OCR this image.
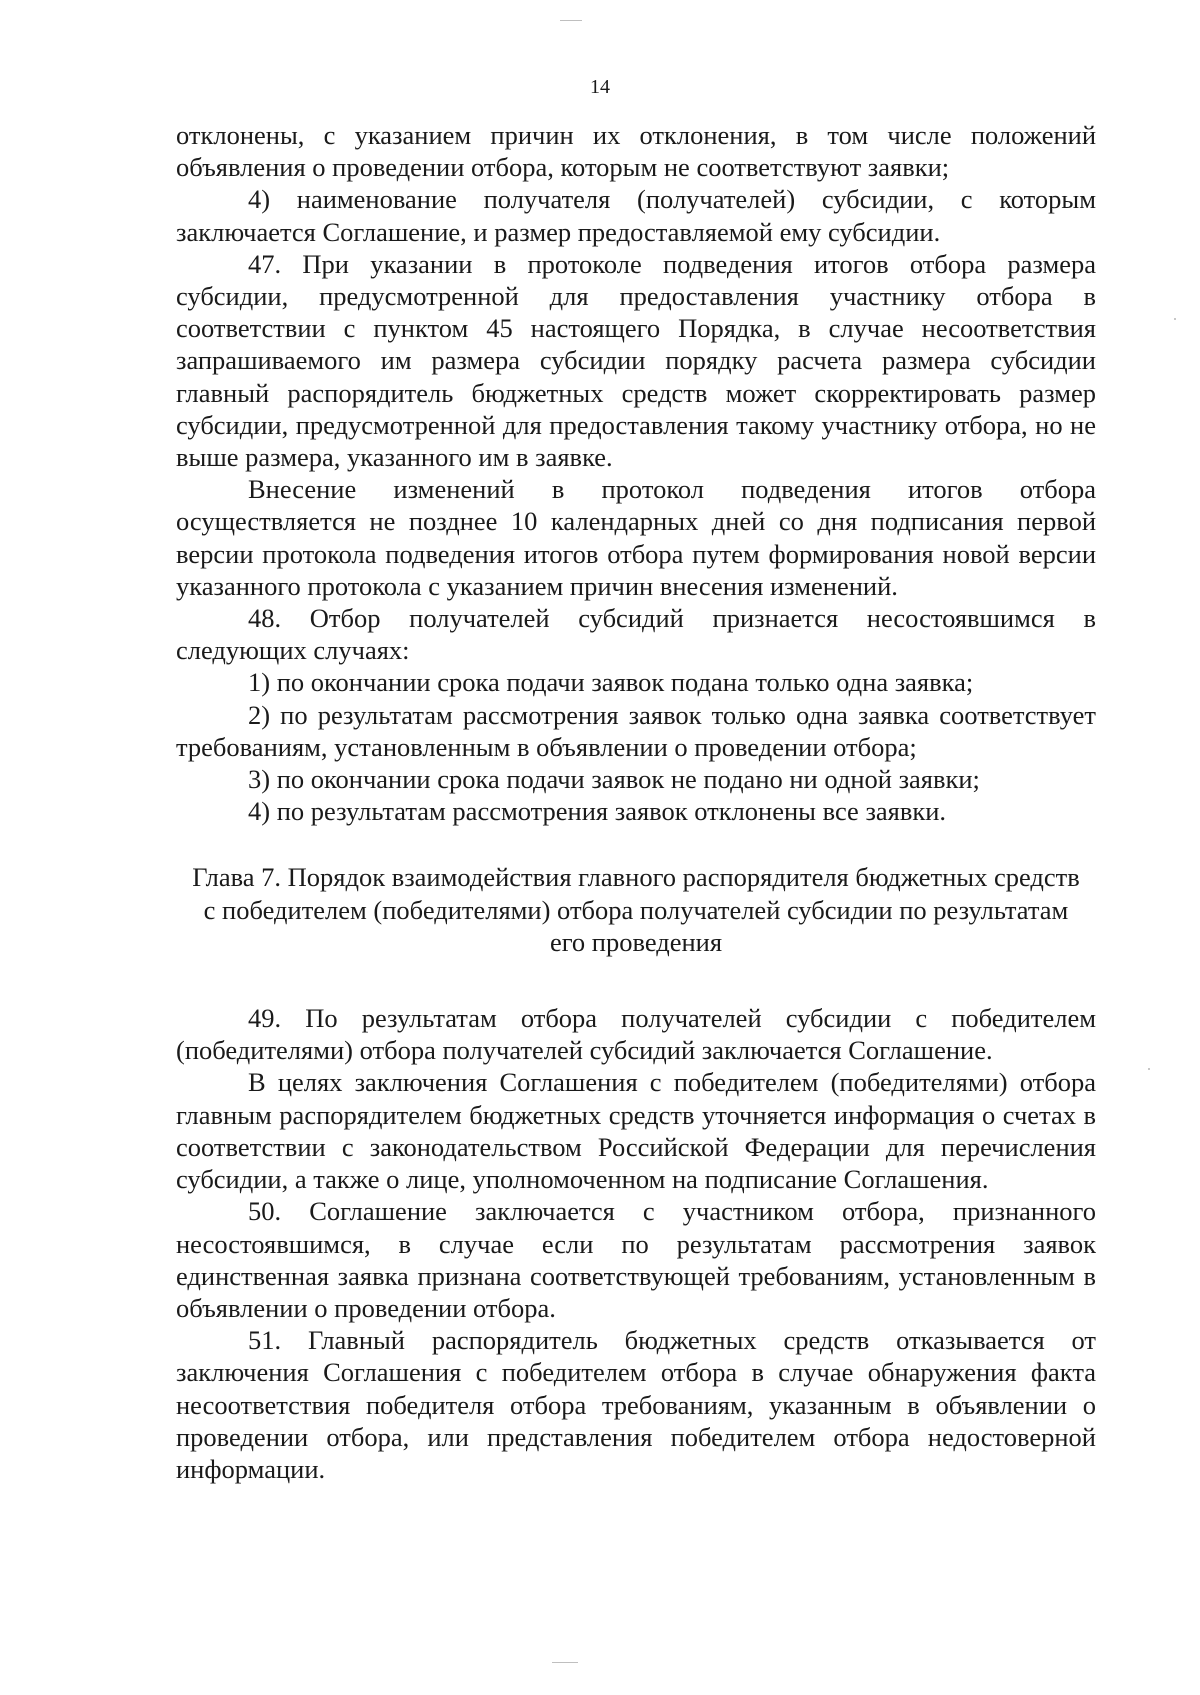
14

отклонены, с указанием причин их отклонения, в том числе положений объявления о проведении отбора, которым не соответствуют заявки;

4) наименование получателя (получателей) субсидии, с которым заключается Соглашение, и размер предоставляемой ему субсидии.

47. При указании в протоколе подведения итогов отбора размера субсидии, предусмотренной для предоставления участнику отбора в соответствии с пунктом 45 настоящего Порядка, в случае несоответствия запрашиваемого им размера субсидии порядку расчета размера субсидии главный распорядитель бюджетных средств может скорректировать размер субсидии, предусмотренной для предоставления такому участнику отбора, но не выше размера, указанного им в заявке.

Внесение изменений в протокол подведения итогов отбора осуществляется не позднее 10 календарных дней со дня подписания первой версии протокола подведения итогов отбора путем формирования новой версии указанного протокола с указанием причин внесения изменений.

48. Отбор получателей субсидий признается несостоявшимся в следующих случаях:

1) по окончании срока подачи заявок подана только одна заявка;

2) по результатам рассмотрения заявок только одна заявка соответствует требованиям, установленным в объявлении о проведении отбора;

3) по окончании срока подачи заявок не подано ни одной заявки;

4) по результатам рассмотрения заявок отклонены все заявки.

Глава 7. Порядок взаимодействия главного распорядителя бюджетных средств с победителем (победителями) отбора получателей субсидии по результатам его проведения

49. По результатам отбора получателей субсидии с победителем (победителями) отбора получателей субсидий заключается Соглашение.

В целях заключения Соглашения с победителем (победителями) отбора главным распорядителем бюджетных средств уточняется информация о счетах в соответствии с законодательством Российской Федерации для перечисления субсидии, а также о лице, уполномоченном на подписание Соглашения.

50. Соглашение заключается с участником отбора, признанного несостоявшимся, в случае если по результатам рассмотрения заявок единственная заявка признана соответствующей требованиям, установленным в объявлении о проведении отбора.

51. Главный распорядитель бюджетных средств отказывается от заключения Соглашения с победителем отбора в случае обнаружения факта несоответствия победителя отбора требованиям, указанным в объявлении о проведении отбора, или представления победителем отбора недостоверной информации.
